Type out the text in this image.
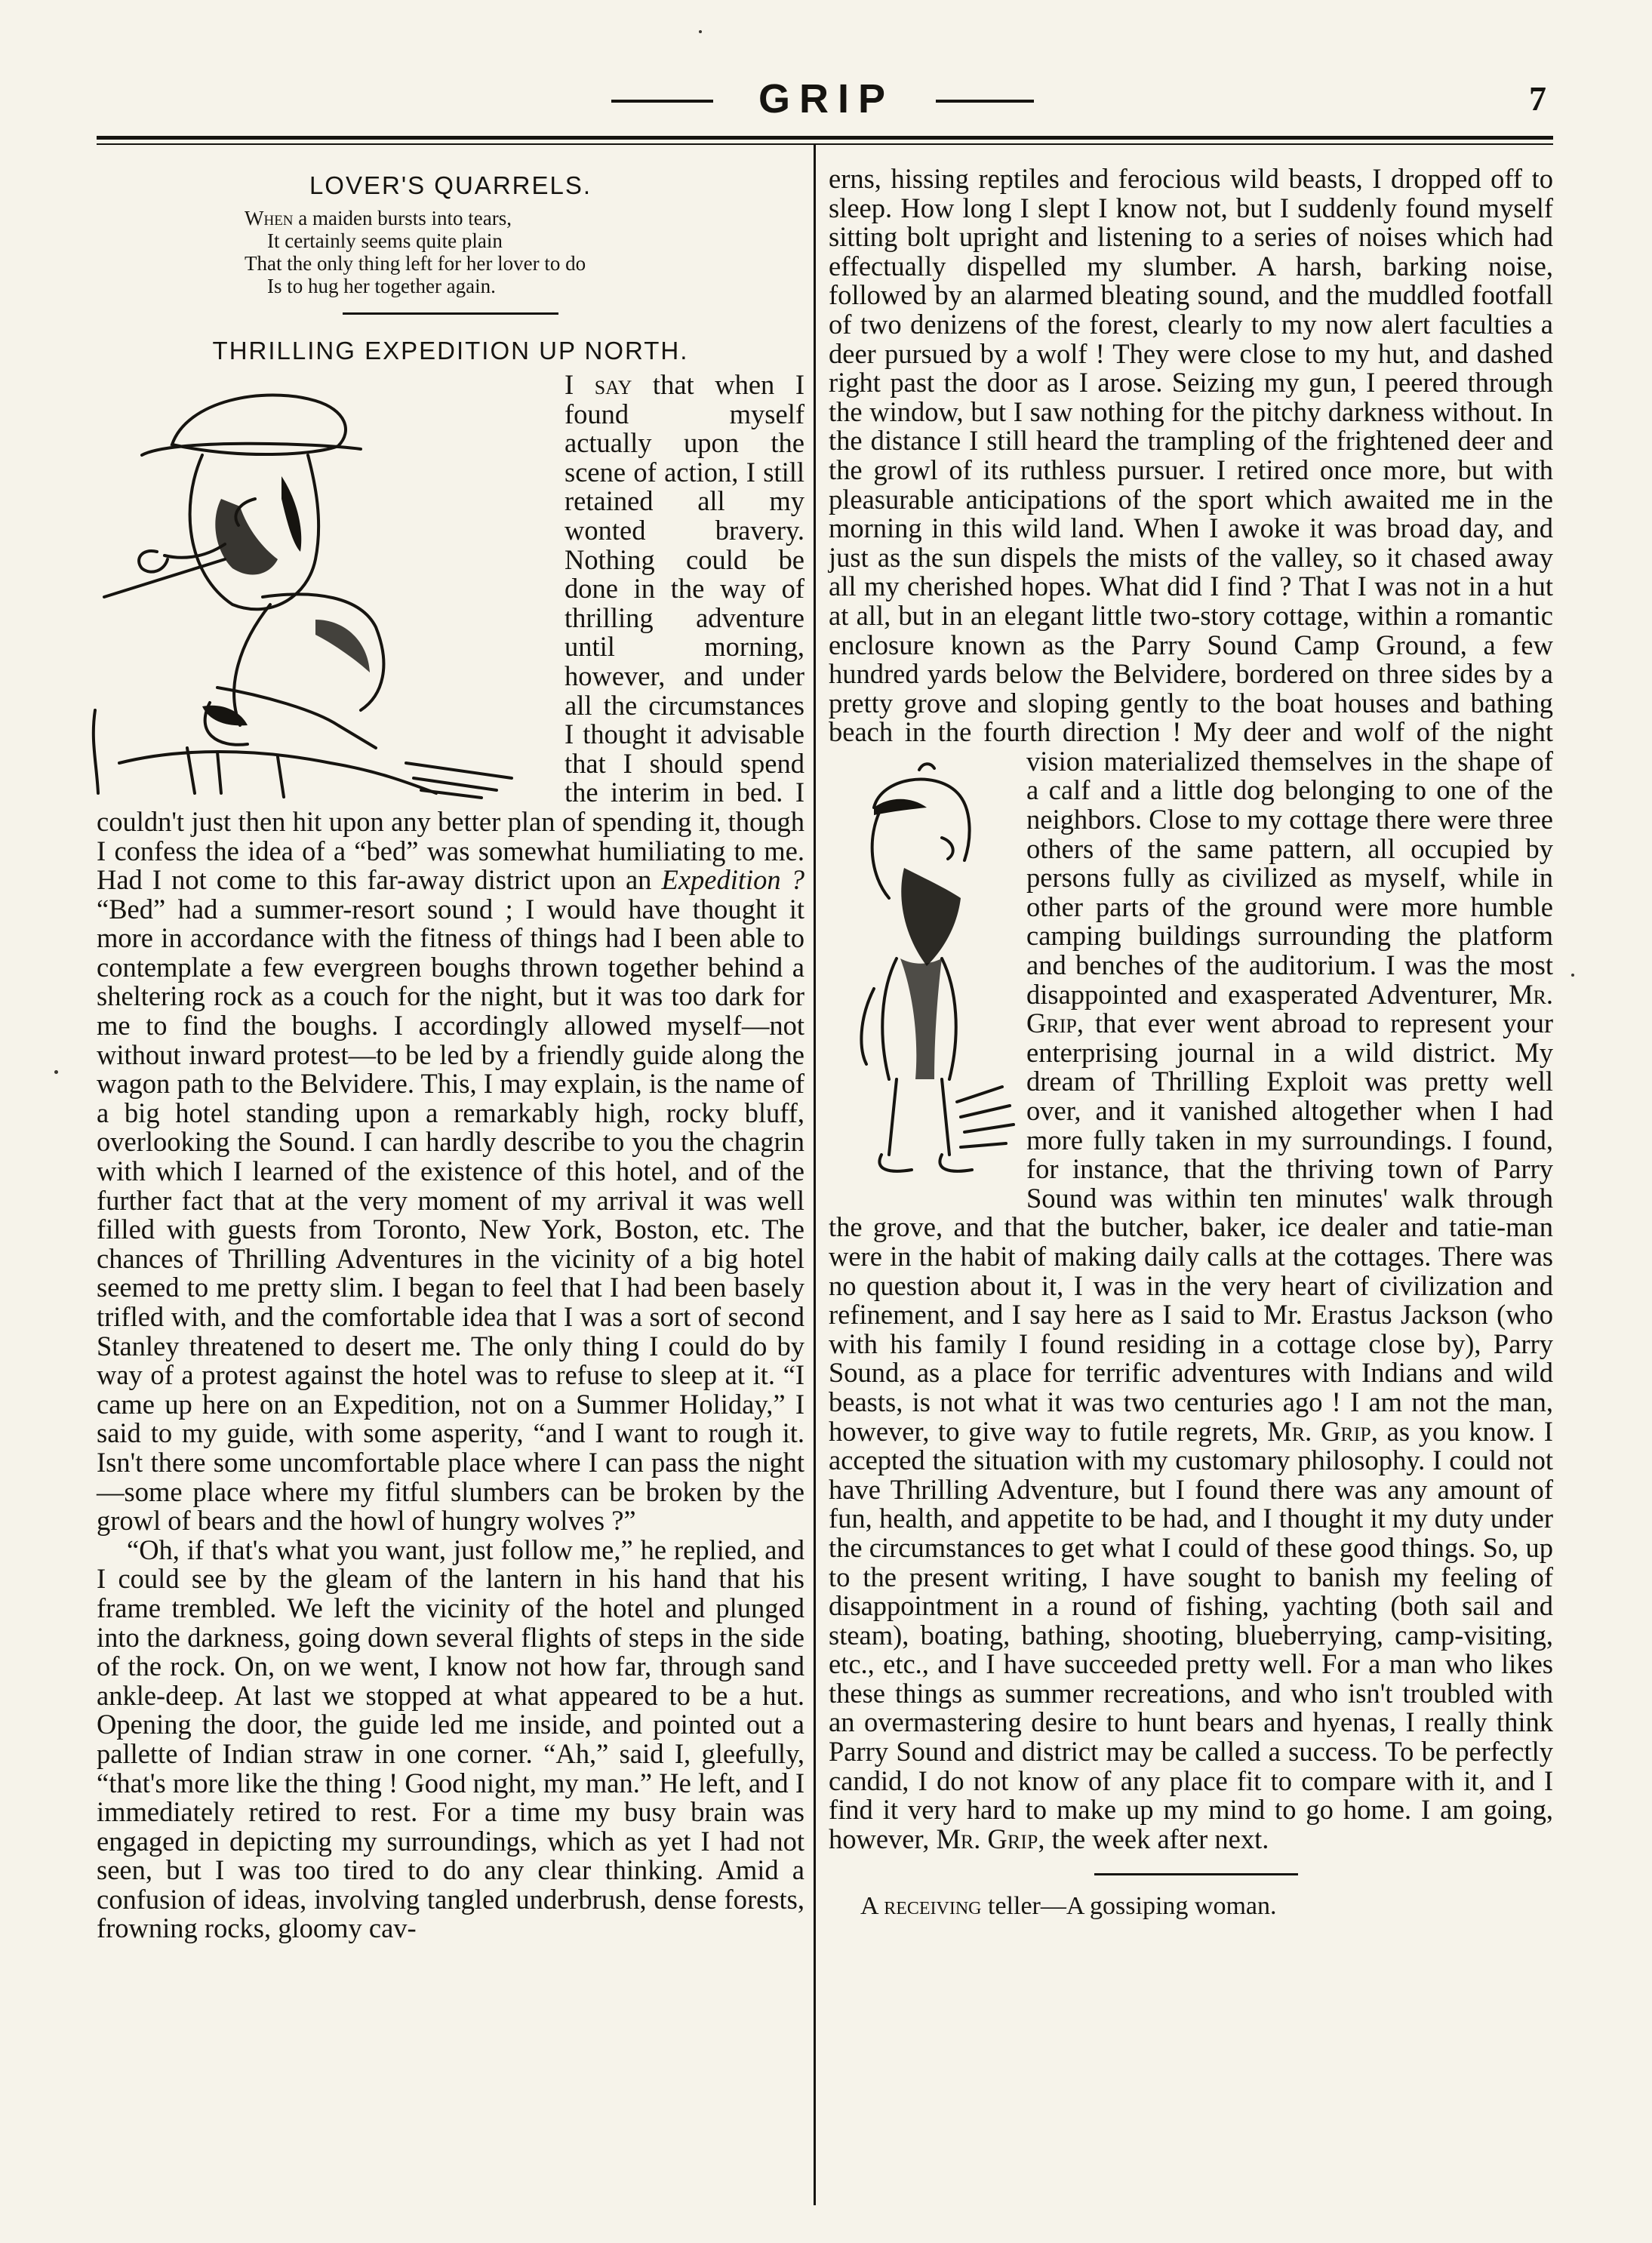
GRIP	7
LOVER'S QUARRELS.
When a maiden bursts into tears,
It certainly seems quite plain
That the only thing left for her lover to do
Is to hug her together again.
THRILLING EXPEDITION UP NORTH.

I say that when I found myself actually upon the scene of action, I still retained all my wonted bravery. Nothing could be done in the way of thrilling adventure until morning, however, and under all the circumstances I thought it advisable that I should spend the interim in bed. I couldn't just then hit upon any better plan of spending it, though I confess the idea of a “bed” was somewhat humiliating to me. Had I not come to this far-away district upon an Expedition ? “Bed” had a summer-resort sound ; I would have thought it more in accordance with the fitness of things had I been able to contemplate a few evergreen boughs thrown together behind a sheltering rock as a couch for the night, but it was too dark for me to find the boughs. I accordingly allowed myself—not without inward protest—to be led by a friendly guide along the wagon path to the Belvidere. This, I may explain, is the name of a big hotel standing upon a remarkably high, rocky bluff, overlooking the Sound. I can hardly describe to you the chagrin with which I learned of the existence of this hotel, and of the further fact that at the very moment of my arrival it was well filled with guests from Toronto, New York, Boston, etc. The chances of Thrilling Adventures in the vicinity of a big hotel seemed to me pretty slim. I began to feel that I had been basely trifled with, and the comfortable idea that I was a sort of second Stanley threatened to desert me. The only thing I could do by way of a protest against the hotel was to refuse to sleep at it. “I came up here on an Expedition, not on a Summer Holiday,” I said to my guide, with some asperity, “and I want to rough it. Isn't there some uncomfortable place where I can pass the night—some place where my fitful slumbers can be broken by the growl of bears and the howl of hungry wolves ?”

“Oh, if that's what you want, just follow me,” he replied, and I could see by the gleam of the lantern in his hand that his frame trembled. We left the vicinity of the hotel and plunged into the darkness, going down several flights of steps in the side of the rock. On, on we went, I know not how far, through sand ankle-deep. At last we stopped at what appeared to be a hut. Opening the door, the guide led me inside, and pointed out a pallette of Indian straw in one corner. “Ah,” said I, gleefully, “that's more like the thing ! Good night, my man.” He left, and I immediately retired to rest. For a time my busy brain was engaged in depicting my surroundings, which as yet I had not seen, but I was too tired to do any clear thinking. Amid a confusion of ideas, involving tangled underbrush, dense forests, frowning rocks, gloomy cav-

erns, hissing reptiles and ferocious wild beasts, I dropped off to sleep. How long I slept I know not, but I suddenly found myself sitting bolt upright and listening to a series of noises which had effectually dispelled my slumber. A harsh, barking noise, followed by an alarmed bleating sound, and the muddled footfall of two denizens of the forest, clearly to my now alert faculties a deer pursued by a wolf ! They were close to my hut, and dashed right past the door as I arose. Seizing my gun, I peered through the window, but I saw nothing for the pitchy darkness without. In the distance I still heard the trampling of the frightened deer and the growl of its ruthless pursuer. I retired once more, but with pleasurable anticipations of the sport which awaited me in the morning in this wild land. When I awoke it was broad day, and just as the sun dispels the mists of the valley, so it chased away all my cherished hopes. What did I find ? That I was not in a hut at all, but in an elegant little two-story cottage, within a romantic enclosure known as the Parry Sound Camp Ground, a few hundred yards below the Belvidere, bordered on three sides by a pretty grove and sloping gently to the boat houses and bathing beach in the fourth direction ! My deer and wolf of the night vision materialized themselves in the shape of a calf and a little dog belonging to one of the neighbors. Close to my cottage there were three others of the same pattern, all occupied by persons fully as civilized as myself, while in other parts of the ground were more humble camping buildings surrounding the platform and benches of the auditorium. I was the most disappointed and exasperated Adventurer, Mr. Grip, that ever went abroad to represent your enterprising journal in a wild district. My dream of Thrilling Exploit was pretty well over, and it vanished altogether when I had more fully taken in my surroundings. I found, for instance, that the thriving town of Parry Sound was within ten minutes' walk through the grove, and that the butcher, baker, ice dealer and tatie-man were in the habit of making daily calls at the cottages. There was no question about it, I was in the very heart of civilization and refinement, and I say here as I said to Mr. Erastus Jackson (who with his family I found residing in a cottage close by), Parry Sound, as a place for terrific adventures with Indians and wild beasts, is not what it was two centuries ago ! I am not the man, however, to give way to futile regrets, Mr. Grip, as you know. I accepted the situation with my customary philosophy. I could not have Thrilling Adventure, but I found there was any amount of fun, health, and appetite to be had, and I thought it my duty under the circumstances to get what I could of these good things. So, up to the present writing, I have sought to banish my feeling of disappointment in a round of fishing, yachting (both sail and steam), boating, bathing, shooting, blueberrying, camp-visiting, etc., etc., and I have succeeded pretty well. For a man who likes these things as summer recreations, and who isn't troubled with an overmastering desire to hunt bears and hyenas, I really think Parry Sound and district may be called a success. To be perfectly candid, I do not know of any place fit to compare with it, and I find it very hard to make up my mind to go home. I am going, however, Mr. Grip, the week after next.

A receiving teller—A gossiping woman.
